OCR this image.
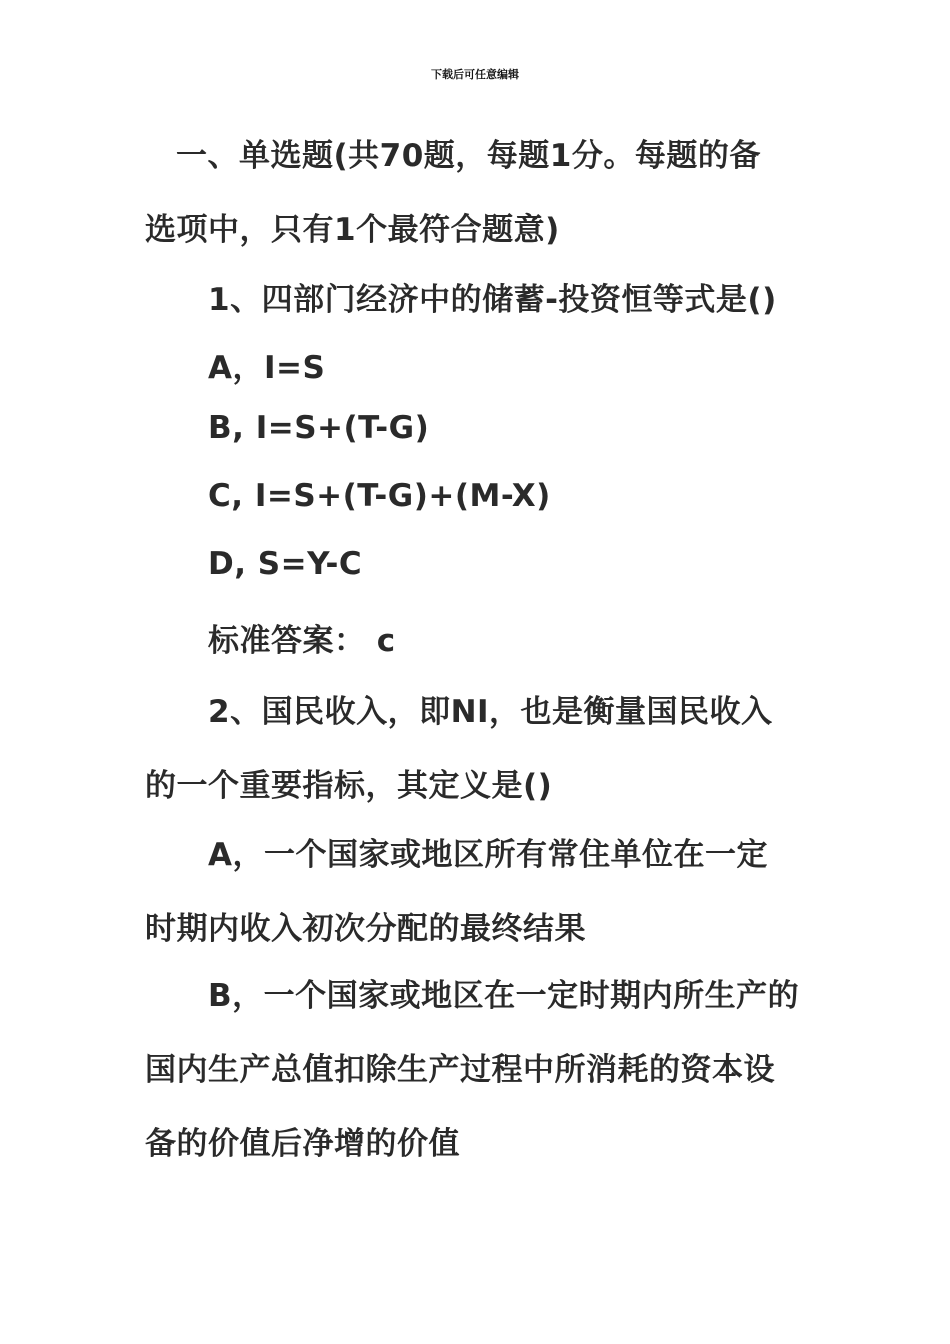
下载后可任意编辑
一、单选题(共70题，每题1分。每题的备
选项中，只有1个最符合题意)
1、四部门经济中的储蓄-投资恒等式是()
A，I=S
B, I=S+(T-G)
C, I=S+(T-G)+(M-X)
D, S=Y-C
标准答案： c
2、国民收入，即NI，也是衡量国民收入
的一个重要指标，其定义是()
A，一个国家或地区所有常住单位在一定
时期内收入初次分配的最终结果
B，一个国家或地区在一定时期内所生产的
国内生产总值扣除生产过程中所消耗的资本设
备的价值后净增的价值
